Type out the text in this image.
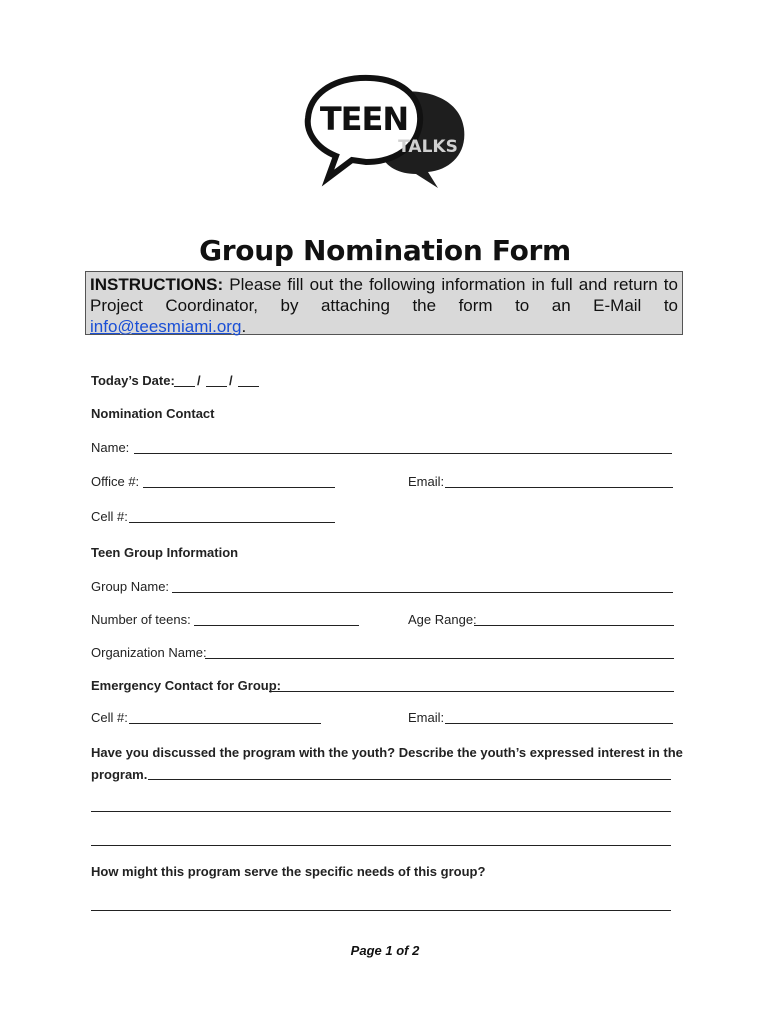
TEEN
TALKS
Group Nomination Form
INSTRUCTIONS: Please fill out the following information in full and return to Project Coordinator, by attaching the form to an E-Mail to info@teesmiami.org.
Today’s Date: / /
Nomination Contact
Name:
Office #:	Email:
Cell #:
Teen Group Information
Group Name:
Number of teens:	Age Range:
Organization Name:
Emergency Contact for Group:
Cell #:	Email:
Have you discussed the program with the youth? Describe the youth’s expressed interest in the
program.
How might this program serve the specific needs of this group?
Page 1 of 2
